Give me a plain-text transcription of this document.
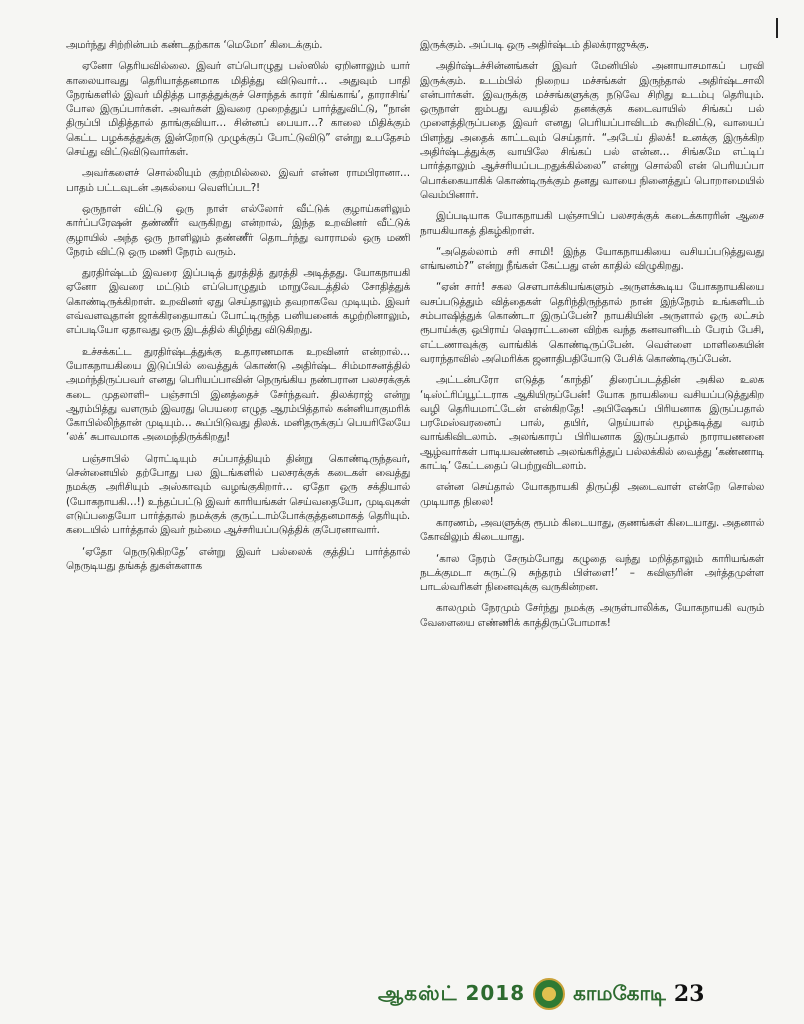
அமர்ந்து சிற்றின்பம் கண்டதற்காக ‘மெமோ’ கிடைக்கும்.

ஏனோ தெரியவில்லை. இவர் எப்பொழுது பஸ்ஸில் ஏறினாலும் யார் காலையாவது தெரியாத்தனமாக மிதித்து விடுவார்… அதுவும் பாதி நேரங்களில் இவர் மிதித்த பாதத்துக்குச் சொந்தக் காரர் ‘கிங்காங்’, தாராசிங்’ போல இருப்பார்கள். அவர்கள் இவரை முறைத்துப் பார்த்துவிட்டு, “நான் திருப்பி மிதித்தால் தாங்குவியா… சின்னப் பையா…? காலை மிதிக்கும் கெட்ட பழக்கத்துக்கு இன்றோடு முழுக்குப் போட்டுவிடு” என்று உபதேசம் செய்து விட்டுவிடுவார்கள்.

அவர்களைச் சொல்லியும் குற்றமில்லை. இவர் என்ன ராமபிரானா… பாதம் பட்டவுடன் அகல்யை வெளிப்பட?!

ஒருநாள் விட்டு ஒரு நாள் எல்லோர் வீட்டுக் குழாய்களிலும் கார்ப்பரேஷன் தண்ணீர் வருகிறது என்றால், இந்த உறவினர் வீட்டுக் குழாயில் அந்த ஒரு நாளிலும் தண்ணீர் தொடர்ந்து வாராமல் ஒரு மணி நேரம் விட்டு ஒரு மணி நேரம் வரும்.

துரதிர்ஷ்டம் இவரை இப்படித் துரத்தித் துரத்தி அடித்தது. யோகநாயகி ஏனோ இவரை மட்டும் எப்பொழுதும் மாறுவேடத்தில் சோதித்துக் கொண்டிருக்கிறாள். உறவினர் ஏது செய்தாலும் தவறாகவே முடியும். இவர் எவ்வளவுதான் ஜாக்கிரதையாகப் போட்டிருந்த பனியனைக் கழற்றினாலும், எப்படியோ ஏதாவது ஒரு இடத்தில் கிழிந்து விடுகிறது.

உச்சக்கட்ட துரதிர்ஷ்டத்துக்கு உதாரணமாக உறவினர் என்றால்… யோகநாயகியை இடுப்பில் வைத்துக் கொண்டு அதிர்ஷ்ட சிம்மாசனத்தில் அமர்ந்திருப்பவர் எனது பெரியப்பாவின் நெருங்கிய நண்பரான பலசரக்குக் கடை முதலாளி– பஞ்சாபி இனத்தைச் சேர்ந்தவர். திலக்ராஜ் என்று ஆரம்பித்து வளரும் இவரது பெயரை எழுத ஆரம்பித்தால் கன்னியாகுமரிக் கோபில்லிந்தான் முடியும்… கூப்பிடுவது திலக். மனிதருக்குப் பெயரிலேயே ‘லக்’ சுபாவமாக அமைந்திருக்கிறது!

பஞ்சாபில் ரொட்டியும் சப்பாத்தியும் தின்று கொண்டிருந்தவர், சென்னையில் தற்போது பல இடங்களில் பலசரக்குக் கடைகள் வைத்து நமக்கு அரிசியும் அஸ்காவும் வழங்குகிறார்… ஏதோ ஒரு சக்தியால் (யோகநாயகி…!) உந்தப்பட்டு இவர் காரியங்கள் செய்வதையோ, முடிவுகள் எடுப்பதையோ பார்த்தால் நமக்குக் குருட்டாம்போக்குத்தனமாகத் தெரியும். கடையில் பார்த்தால் இவர் நம்மை ஆச்சரியப்படுத்திக் குபேரனாவார்.

‘ஏதோ நெருடுகிறதே’ என்று இவர் பல்லைக் குத்திப் பார்த்தால் நெருடியது தங்கத் துகள்களாக

இருக்கும். அப்படி ஒரு அதிர்ஷ்டம் திலக்ராஜுக்கு.

அதிர்ஷ்டச்சின்னங்கள் இவர் மேனியில் அனாயாசமாகப் பரவி இருக்கும். உடம்பில் நிறைய மச்சங்கள் இருந்தால் அதிர்ஷ்டசாலி என்பார்கள். இவருக்கு மச்சங்களுக்கு நடுவே சிறிது உடம்பு தெரியும். ஒருநாள் ஐம்பது வயதில் தனக்குக் கடைவாயில் சிங்கப் பல் முளைத்திருப்பதை இவர் எனது பெரியப்பாவிடம் கூறிவிட்டு, வாயைப் பிளந்து அதைக் காட்டவும் செய்தார். “அடேய் திலக்! உனக்கு இருக்கிற அதிர்ஷ்டத்துக்கு வாயிலே சிங்கப் பல் என்ன… சிங்கமே எட்டிப் பார்த்தாலும் ஆச்சரியப்படறதுக்கில்லை” என்று சொல்லி என் பெரியப்பா பொக்கையாகிக் கொண்டிருக்கும் தனது வாயை நினைத்துப் பொறாமையில் வெம்பினார்.

இப்படியாக யோகநாயகி பஞ்சாபிப் பலசரக்குக் கடைக்காரரின் ஆசை நாயகியாகத் திகழ்கிறாள்.

“அதெல்லாம் சரி சாமி! இந்த யோகநாயகியை வசியப்படுத்துவது எங்ஙனம்?” என்று நீங்கள் கேட்பது என் காதில் விழுகிறது.

“ஏன் சார்! சகல சௌபாக்கியங்களும் அருளக்கூடிய யோகநாயகியை வசப்படுத்தும் வித்தைகள் தெரிந்திருந்தால் நான் இந்நேரம் உங்களிடம் சம்பாஷித்துக் கொண்டா இருப்பேன்? நாயகியின் அருளால் ஒரு லட்சம் ரூபாய்க்கு ஒபிராய் ஷெராட்டனை விற்க வந்த கனவானிடம் பேரம் பேசி, எட்டணாவுக்கு வாங்கிக் கொண்டிருப்பேன். வெள்ளை மாளிகையின் வராந்தாவில் அமெரிக்க ஜனாதிபதியோடு பேசிக் கொண்டிருப்பேன்.

அட்டன்பரோ எடுத்த ‘காந்தி’ திரைப்படத்தின் அகில உலக ‘டிஸ்ட்ரிப்யூட்டராக ஆகியிருப்பேன்! யோக நாயகியை வசியப்படுத்துகிற வழி தெரியமாட்டேன் என்கிறதே! அபிஷேகப் பிரியனாக இருப்பதால் பரமேஸ்வரனைப் பால், தயிர், நெய்யால் மூழ்கடித்து வரம் வாங்கிவிடலாம். அலங்காரப் பிரியனாக இருப்பதால் நாராயணனை ஆழ்வார்கள் பாடியவண்ணம் அலங்கரித்துப் பல்லக்கில் வைத்து ‘கண்ணாடி காட்டி’ கேட்டதைப் பெற்றுவிடலாம்.

என்ன செய்தால் யோகநாயகி திருப்தி அடைவாள் என்றே சொல்ல முடியாத நிலை!

காரணம், அவளுக்கு ரூபம் கிடையாது, குணங்கள் கிடையாது. அதனால் கோவிலும் கிடையாது.

‘கால நேரம் சேரும்போது கழுதை வந்து மறித்தாலும் காரியங்கள் நடக்குமடா சுருட்டு சுந்தரம் பிள்ளை!’ – கவிஞரின் அர்த்தமுள்ள பாடல்வரிகள் நினைவுக்கு வருகின்றன.

காலமும் நேரமும் சேர்ந்து நமக்கு அருள்பாலிக்க, யோகநாயகி வரும் வேளையை எண்ணிக் காத்திருப்போமாக!

ஆகஸ்ட் 2018 காமகோடி 23
